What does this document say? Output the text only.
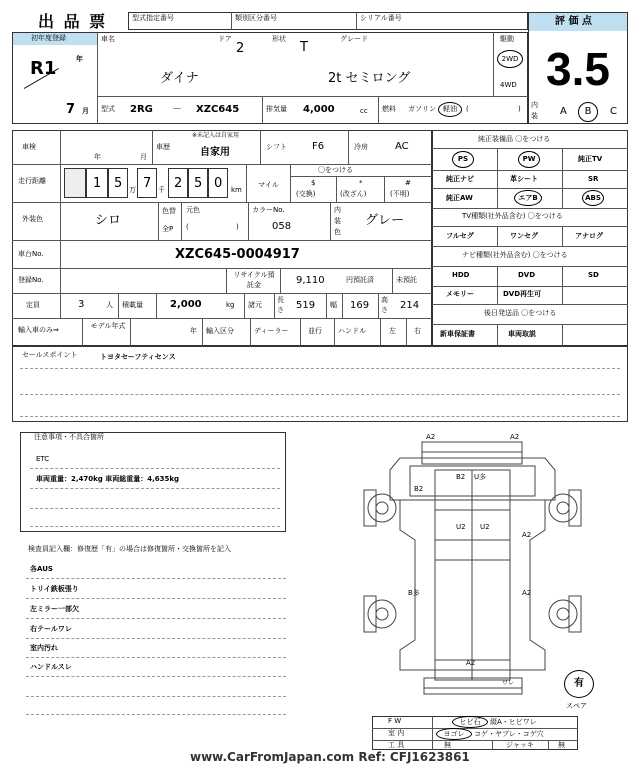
出 品 票	型式指定番号	類別区分番号	シリアル番号	評 価 点
3.5
初年度登録
R1	年
7 月
車名	ドア
2
形状
T
グレード
ダイナ	2t セミロング
駆動
2WD
4WD
型式 2RG － XZC645	排気量 4,000	cc 燃料 ガソリン	軽油	(	) 内装	A	B	C
車検
年	月
車歴
※未記入は自家用
自家用	シフト	F6	冷房	AC
走行距離	1 5 万 7 千 2 5 0 km
マイル
〇をつける
$
(交換)
*
(改ざん)
#
(不明)
外装色	シロ
色替
全P
元色
(	)
カラーNo.
058
内装色
グレー
車台No.	XZC645-0004917
登録No.
リサイクル預託金	9,110	円預託済	未預託
定員	3	人 積載量	2,000	kg 諸元
長さ 519 幅 169 高さ 214
輸入車のみ⇒	モデル年式
年 輸入区分	ディーラー	並行 ハンドル	左	右
純正装備品 〇をつける
PS	PW	純正TV
純正ナビ	革シート	SR
純正AW	エアB	ABS
TV種類(社外品含む) 〇をつける
フルセグ	ワンセグ	アナログ
ナビ種類(社外品含む) 〇をつける
HDD	DVD	SD
メモリー	DVD再生可
後日発送品 〇をつける
新車保証書	車両取説
セールスポイント	トヨタセーフティセンス
注意事項・不具合箇所
ETC
車両重量：2,470kg 車両総重量：4,635kg
検査員記入欄：修復歴「有」の場合は修復箇所・交換箇所を記入
各AUS
トリイ鉄板張り
左ミラー一部欠
右テールワレ
室内汚れ
ハンドルスレ
A2	A2
B2
B2 U多
U2 U2
A2
B多	A2
A2
ワレ	有
スペア
F W	ヒビ石	綴A・ヒビワレ
室 内	ヨゴレ	コゲ・ヤブレ・コゲ穴
工 具	無	ジャッキ	無
www.CarFromJapan.com Ref: CFJ1623861
